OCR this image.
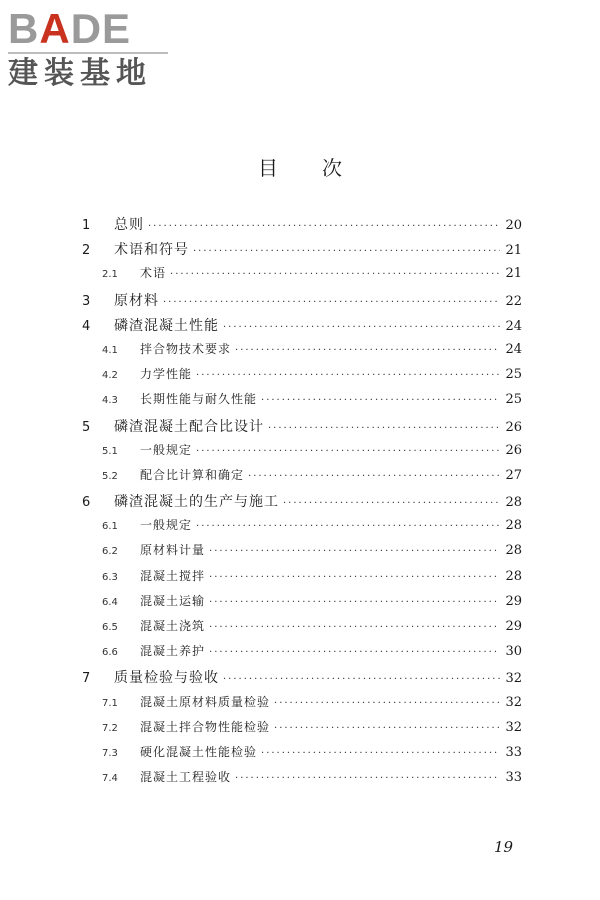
BADE
建装基地
目次
1	总则 ·····	20
2	术语和符号 ·····	21
2.1	术语 ·····	21
3	原材料 ·····	22
4	磷渣混凝土性能 ·····	24
4.1	拌合物技术要求 ·····	24
4.2	力学性能 ·····	25
4.3	长期性能与耐久性能 ·····	25
5	磷渣混凝土配合比设计 ·····	26
5.1	一般规定 ·····	26
5.2	配合比计算和确定 ·····	27
6	磷渣混凝土的生产与施工 ·····	28
6.1	一般规定 ·····	28
6.2	原材料计量 ·····	28
6.3	混凝土搅拌 ·····	28
6.4	混凝土运输 ·····	29
6.5	混凝土浇筑 ·····	29
6.6	混凝土养护 ·····	30
7	质量检验与验收 ·····	32
7.1	混凝土原材料质量检验 ·····	32
7.2	混凝土拌合物性能检验 ·····	32
7.3	硬化混凝土性能检验 ·····	33
7.4	混凝土工程验收 ·····	33
19
